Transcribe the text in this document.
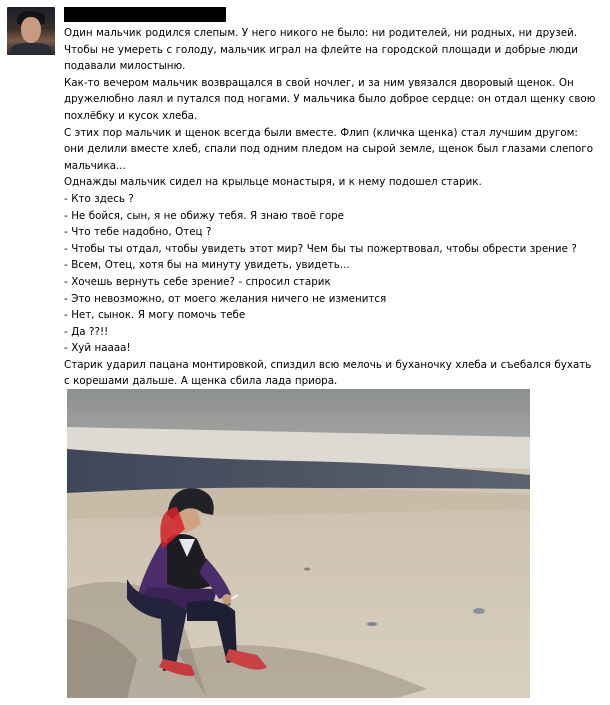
Один мальчик родился слепым. У него никого не было: ни родителей, ни родных, ни друзей. Чтобы не умереть с голоду, мальчик играл на флейте на городской площади и добрые люди подавали милостыню.

Как-то вечером мальчик возвращался в свой ночлег, и за ним увязался дворовый щенок. Он дружелюбно лаял и путался под ногами. У мальчика было доброе сердце: он отдал щенку свою похлёбку и кусок хлеба.

С этих пор мальчик и щенок всегда были вместе. Флип (кличка щенка) стал лучшим другом: они делили вместе хлеб, спали под одним пледом на сырой земле, щенок был глазами слепого мальчика...

Однажды мальчик сидел на крыльце монастыря, и к нему подошел старик.

- Кто здесь ?

- Не бойся, сын, я не обижу тебя. Я знаю твоё горе

- Что тебе надобно, Отец ?

- Чтобы ты отдал, чтобы увидеть этот мир? Чем бы ты пожертвовал, чтобы обрести зрение ?

- Всем, Отец, хотя бы на минуту увидеть, увидеть...

- Хочешь вернуть себе зрение? - спросил старик

- Это невозможно, от моего желания ничего не изменится

- Нет, сынок. Я могу помочь тебе

- Да ??!!

- Хуй наааа!

Старик ударил пацана монтировкой, спиздил всю мелочь и буханочку хлеба и съебался бухать с корешами дальше. А щенка сбила лада приора.
